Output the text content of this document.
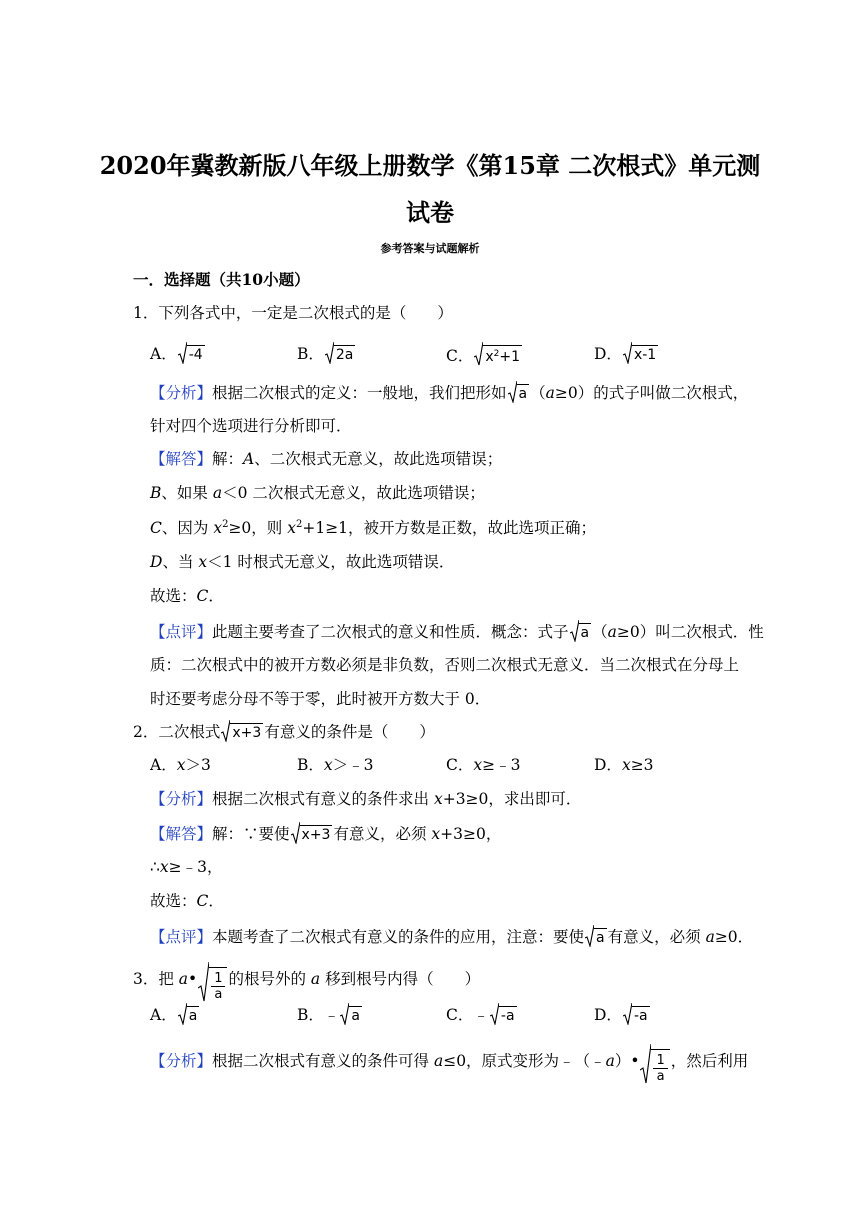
2020年冀教新版八年级上册数学《第15章 二次根式》单元测
试卷
参考答案与试题解析
一．选择题（共10小题）
1．下列各式中，一定是二次根式的是（　　）
A． -4	B． 2a	C． $x^2+1$	D． x-1
【分析】根据二次根式的定义：一般地，我们把形如 a （a≥0）的式子叫做二次根式，
针对四个选项进行分析即可．
【解答】解：A、二次根式无意义，故此选项错误；
B、如果 a＜0 二次根式无意义，故此选项错误；
C、因为 $x^2\ge 0$，则 $x^2+1\ge 1$，被开方数是正数，故此选项正确；
D、当 x＜1 时根式无意义，故此选项错误．
故选：C．
【点评】此题主要考查了二次根式的意义和性质．概念：式子 a （a≥0）叫二次根式．性
质：二次根式中的被开方数必须是非负数，否则二次根式无意义．当二次根式在分母上
时还要考虑分母不等于零，此时被开方数大于 0．
2．二次根式 x+3 有意义的条件是（　　）
A．x＞3	B．x＞﹣3	C．x≥﹣3	D．x≥3
【分析】根据二次根式有意义的条件求出 x+3≥0，求出即可．
【解答】解：∵要使 x+3 有意义，必须 x+3≥0，
∴x≥﹣3，
故选：C．
【点评】本题考查了二次根式有意义的条件的应用，注意：要使 a 有意义，必须 a≥0．
3．把 a• $\frac{1}{a}$ 的根号外的 a 移到根号内得（　　）
A． a	B．﹣ a	C．﹣ -a	D． -a
【分析】根据二次根式有意义的条件可得 a≤0，原式变形为﹣（﹣a）• $\frac{1}{a}$ ，然后利用
